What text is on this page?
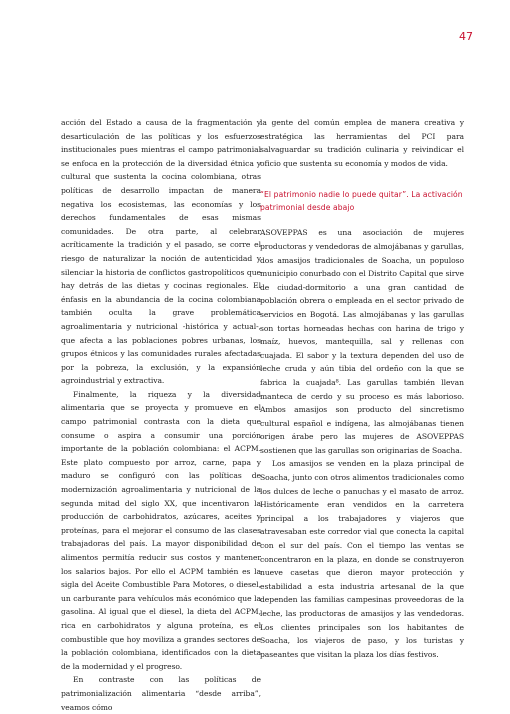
47

acción del Estado a causa de la fragmentación y desarticulación de las políticas y los esfuerzos institucionales pues mientras el campo patrimonial se enfoca en la protección de la diversidad étnica y cultural que sustenta la cocina colombiana, otras políticas de desarrollo impactan de manera negativa los ecosistemas, las economías y los derechos fundamentales de esas mismas comunidades. De otra parte, al celebrar acríticamente la tradición y el pasado, se corre el riesgo de naturalizar la noción de autenticidad y silenciar la historia de conflictos gastropolíticos que hay detrás de las dietas y cocinas regionales. El énfasis en la abundancia de la cocina colombiana también oculta la grave problemática agroalimentaria y nutricional -histórica y actual-, que afecta a las poblaciones pobres urbanas, los grupos étnicos y las comunidades rurales afectadas por la pobreza, la exclusión, y la expansión agroindustrial y extractiva.

Finalmente, la riqueza y la diversidad alimentaria que se proyecta y promueve en el campo patrimonial contrasta con la dieta que consume o aspira a consumir una porción importante de la población colombiana: el ACPM. Este plato compuesto por arroz, carne, papa y maduro se configuró con las políticas de modernización agroalimentaria y nutricional de la segunda mitad del siglo XX, que incentivaron la producción de carbohidratos, azúcares, aceites y proteínas, para el mejorar el consumo de las clases trabajadoras del país. La mayor disponibilidad de alimentos permitía reducir sus costos y mantener los salarios bajos. Por ello el ACPM también es la sigla del Aceite Combustible Para Motores, o diesel, un carburante para vehículos más económico que la gasolina. Al igual que el diesel, la dieta del ACPM, rica en carbohidratos y alguna proteína, es el combustible que hoy moviliza a grandes sectores de la población colombiana, identificados con la dieta de la modernidad y el progreso.

En contraste con las políticas de patrimonialización alimentaria “desde arriba”, veamos cómo

la gente del común emplea de manera creativa y estratégica las herramientas del PCI para salvaguardar su tradición culinaria y reivindicar el oficio que sustenta su economía y modos de vida.

“El patrimonio nadie lo puede quitar”. La activación patrimonial desde abajo

ASOVEPPAS es una asociación de mujeres productoras y vendedoras de almojábanas y garullas, dos amasijos tradicionales de Soacha, un populoso municipio conurbado con el Distrito Capital que sirve de ciudad-dormitorio a una gran cantidad de población obrera o empleada en el sector privado de servicios en Bogotá. Las almojábanas y las garullas son tortas horneadas hechas con harina de trigo y maíz, huevos, mantequilla, sal y rellenas con cuajada. El sabor y la textura dependen del uso de leche cruda y aún tibia del ordeño con la que se fabrica la cuajada⁸. Las garullas también llevan manteca de cerdo y su proceso es más laborioso. Ambos amasijos son producto del sincretismo cultural español e indígena, las almojábanas tienen origen árabe pero las mujeres de ASOVEPPAS sostienen que las garullas son originarias de Soacha.

Los amasijos se venden en la plaza principal de Soacha, junto con otros alimentos tradicionales como los dulces de leche o panuchas y el masato de arroz. Históricamente eran vendidos en la carretera principal a los trabajadores y viajeros que atravesaban este corredor vial que conecta la capital con el sur del país. Con el tiempo las ventas se concentraron en la plaza, en donde se construyeron nueve casetas que dieron mayor protección y estabilidad a esta industria artesanal de la que dependen las familias campesinas proveedoras de la leche, las productoras de amasijos y las vendedoras. Los clientes principales son los habitantes de Soacha, los viajeros de paso, y los turistas y paseantes que visitan la plaza los días festivos.
